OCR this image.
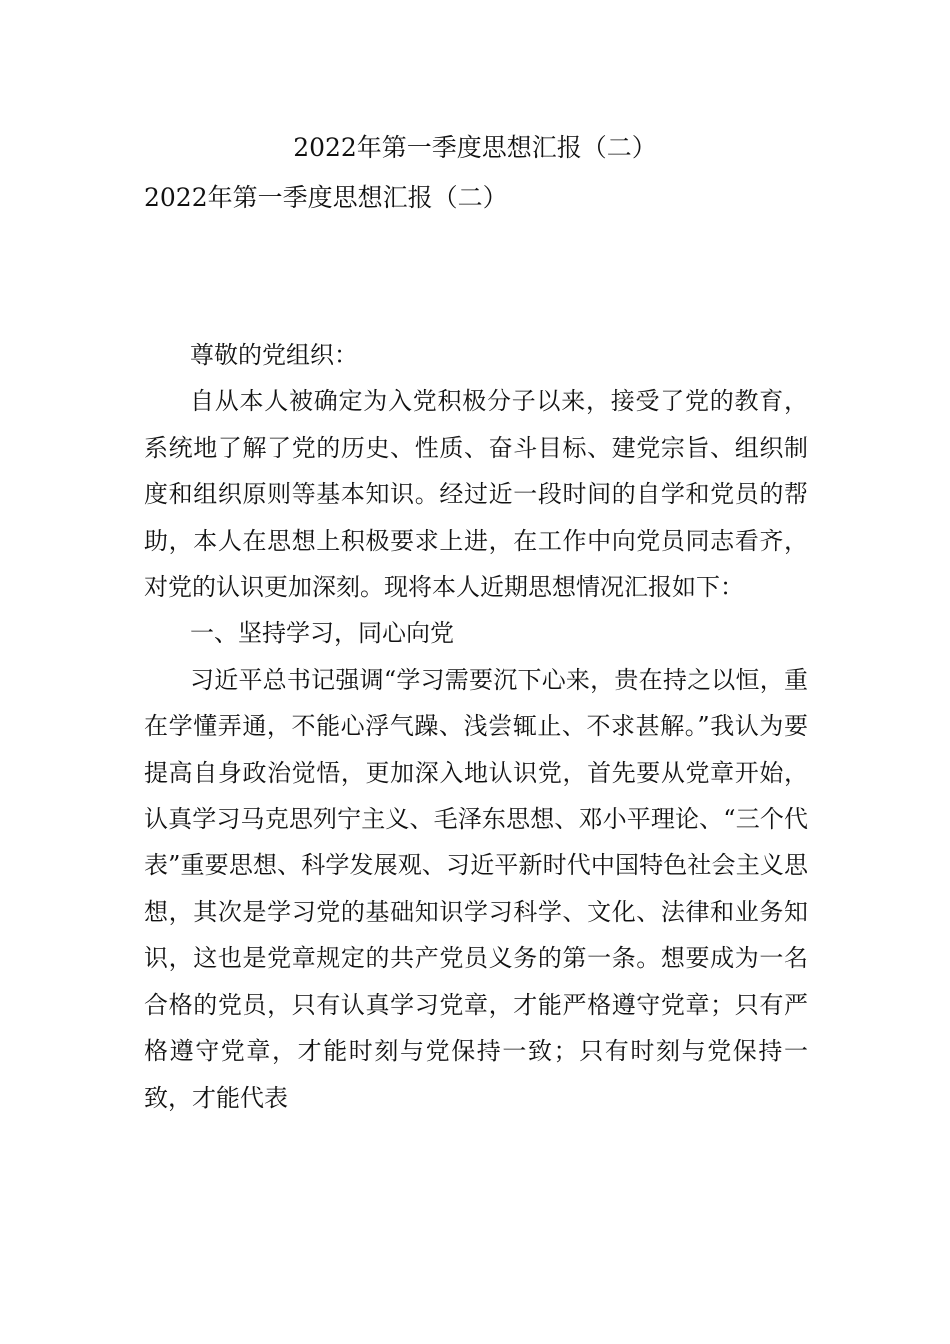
2022年第一季度思想汇报（二）
2022年第一季度思想汇报（二）

尊敬的党组织：

自从本人被确定为入党积极分子以来，接受了党的教育，系统地了解了党的历史、性质、奋斗目标、建党宗旨、组织制度和组织原则等基本知识。经过近一段时间的自学和党员的帮助，本人在思想上积极要求上进，在工作中向党员同志看齐，对党的认识更加深刻。现将本人近期思想情况汇报如下：

一、坚持学习，同心向党

习近平总书记强调“学习需要沉下心来，贵在持之以恒，重在学懂弄通，不能心浮气躁、浅尝辄止、不求甚解。”我认为要提高自身政治觉悟，更加深入地认识党，首先要从党章开始，认真学习马克思列宁主义、毛泽东思想、邓小平理论、“三个代表”重要思想、科学发展观、习近平新时代中国特色社会主义思想，其次是学习党的基础知识学习科学、文化、法律和业务知识，这也是党章规定的共产党员义务的第一条。想要成为一名合格的党员，只有认真学习党章，才能严格遵守党章；只有严格遵守党章，才能时刻与党保持一致；只有时刻与党保持一致，才能代表
